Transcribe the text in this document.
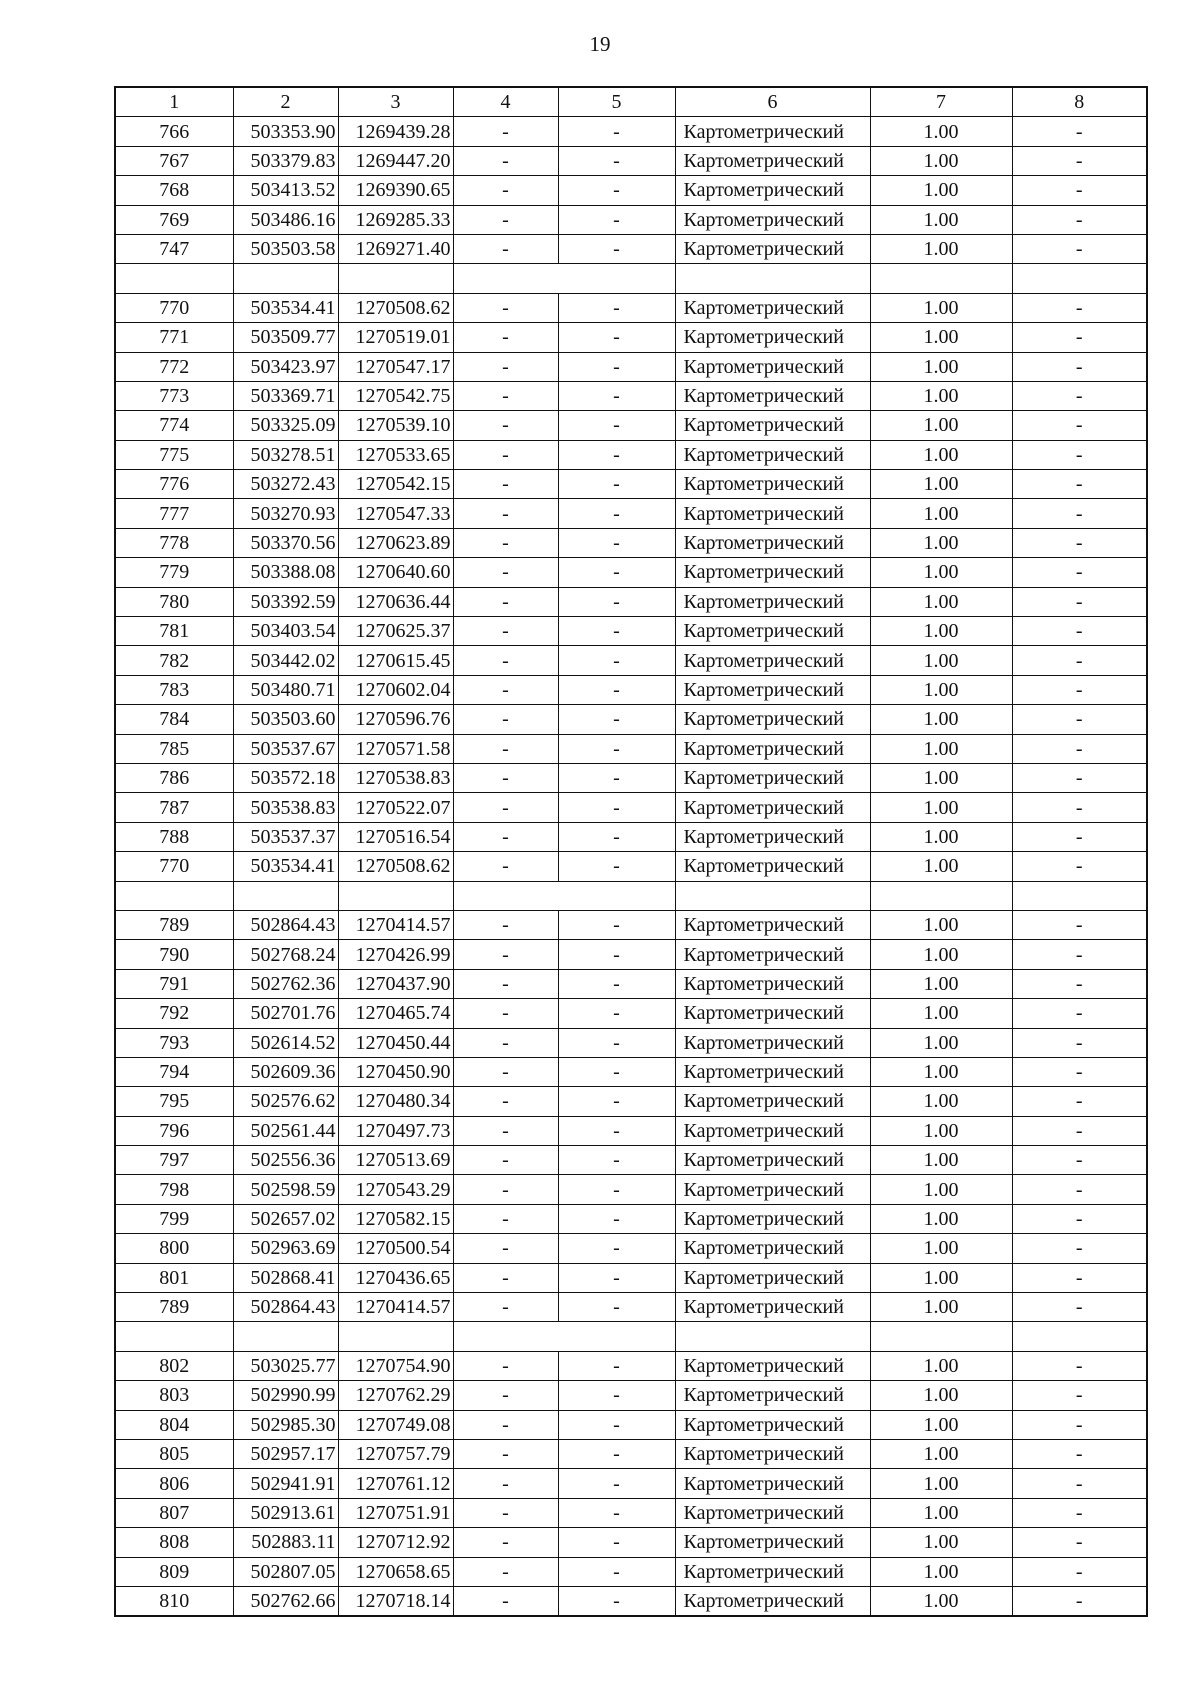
19
1	2	3	4	5	6	7	8
766	503353.90	1269439.28	-	-	Картометрический	1.00	-
767	503379.83	1269447.20	-	-	Картометрический	1.00	-
768	503413.52	1269390.65	-	-	Картометрический	1.00	-
769	503486.16	1269285.33	-	-	Картометрический	1.00	-
747	503503.58	1269271.40	-	-	Картометрический	1.00	-

770	503534.41	1270508.62	-	-	Картометрический	1.00	-
771	503509.77	1270519.01	-	-	Картометрический	1.00	-
772	503423.97	1270547.17	-	-	Картометрический	1.00	-
773	503369.71	1270542.75	-	-	Картометрический	1.00	-
774	503325.09	1270539.10	-	-	Картометрический	1.00	-
775	503278.51	1270533.65	-	-	Картометрический	1.00	-
776	503272.43	1270542.15	-	-	Картометрический	1.00	-
777	503270.93	1270547.33	-	-	Картометрический	1.00	-
778	503370.56	1270623.89	-	-	Картометрический	1.00	-
779	503388.08	1270640.60	-	-	Картометрический	1.00	-
780	503392.59	1270636.44	-	-	Картометрический	1.00	-
781	503403.54	1270625.37	-	-	Картометрический	1.00	-
782	503442.02	1270615.45	-	-	Картометрический	1.00	-
783	503480.71	1270602.04	-	-	Картометрический	1.00	-
784	503503.60	1270596.76	-	-	Картометрический	1.00	-
785	503537.67	1270571.58	-	-	Картометрический	1.00	-
786	503572.18	1270538.83	-	-	Картометрический	1.00	-
787	503538.83	1270522.07	-	-	Картометрический	1.00	-
788	503537.37	1270516.54	-	-	Картометрический	1.00	-
770	503534.41	1270508.62	-	-	Картометрический	1.00	-

789	502864.43	1270414.57	-	-	Картометрический	1.00	-
790	502768.24	1270426.99	-	-	Картометрический	1.00	-
791	502762.36	1270437.90	-	-	Картометрический	1.00	-
792	502701.76	1270465.74	-	-	Картометрический	1.00	-
793	502614.52	1270450.44	-	-	Картометрический	1.00	-
794	502609.36	1270450.90	-	-	Картометрический	1.00	-
795	502576.62	1270480.34	-	-	Картометрический	1.00	-
796	502561.44	1270497.73	-	-	Картометрический	1.00	-
797	502556.36	1270513.69	-	-	Картометрический	1.00	-
798	502598.59	1270543.29	-	-	Картометрический	1.00	-
799	502657.02	1270582.15	-	-	Картометрический	1.00	-
800	502963.69	1270500.54	-	-	Картометрический	1.00	-
801	502868.41	1270436.65	-	-	Картометрический	1.00	-
789	502864.43	1270414.57	-	-	Картометрический	1.00	-

802	503025.77	1270754.90	-	-	Картометрический	1.00	-
803	502990.99	1270762.29	-	-	Картометрический	1.00	-
804	502985.30	1270749.08	-	-	Картометрический	1.00	-
805	502957.17	1270757.79	-	-	Картометрический	1.00	-
806	502941.91	1270761.12	-	-	Картометрический	1.00	-
807	502913.61	1270751.91	-	-	Картометрический	1.00	-
808	502883.11	1270712.92	-	-	Картометрический	1.00	-
809	502807.05	1270658.65	-	-	Картометрический	1.00	-
810	502762.66	1270718.14	-	-	Картометрический	1.00	-
